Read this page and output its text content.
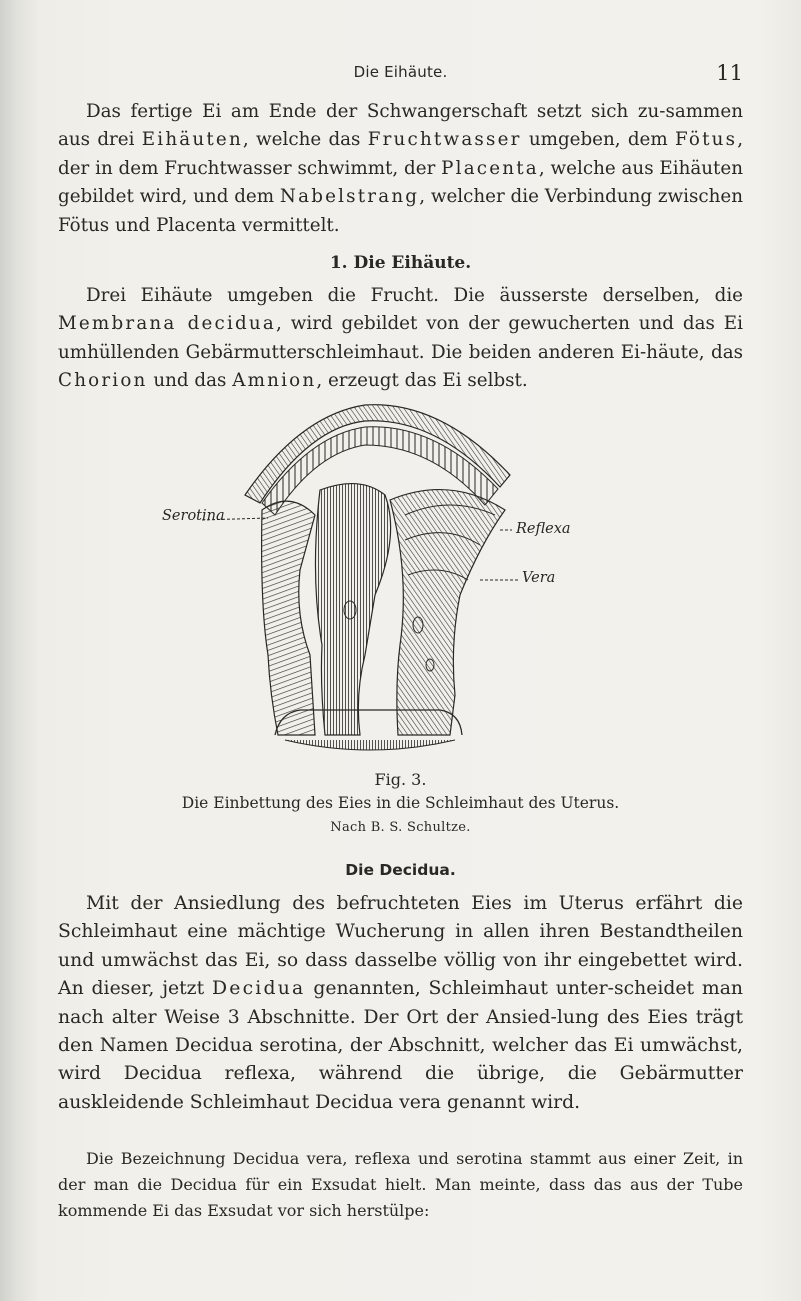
Die Eihäute.	11

Das fertige Ei am Ende der Schwangerschaft setzt sich zu-sammen aus drei Eihäuten, welche das Fruchtwasser umgeben, dem Fötus, der in dem Fruchtwasser schwimmt, der Placenta, welche aus Eihäuten gebildet wird, und dem Nabelstrang, welcher die Verbindung zwischen Fötus und Placenta vermittelt.

1. Die Eihäute.

Drei Eihäute umgeben die Frucht. Die äusserste derselben, die Membrana decidua, wird gebildet von der gewucherten und das Ei umhüllenden Gebärmutterschleimhaut. Die beiden anderen Ei-häute, das Chorion und das Amnion, erzeugt das Ei selbst.

Serotina
Reflexa
Vera
Fig. 3.
Die Einbettung des Eies in die Schleimhaut des Uterus.
Nach B. S. Schultze.
Die Decidua.

Mit der Ansiedlung des befruchteten Eies im Uterus erfährt die Schleimhaut eine mächtige Wucherung in allen ihren Bestandtheilen und umwächst das Ei, so dass dasselbe völlig von ihr eingebettet wird. An dieser, jetzt Decidua genannten, Schleimhaut unter-scheidet man nach alter Weise 3 Abschnitte. Der Ort der Ansied-lung des Eies trägt den Namen Decidua serotina, der Abschnitt, welcher das Ei umwächst, wird Decidua reflexa, während die übrige, die Gebärmutter auskleidende Schleimhaut Decidua vera genannt wird.

Die Bezeichnung Decidua vera, reflexa und serotina stammt aus einer Zeit, in der man die Decidua für ein Exsudat hielt. Man meinte, dass das aus der Tube kommende Ei das Exsudat vor sich herstülpe:
